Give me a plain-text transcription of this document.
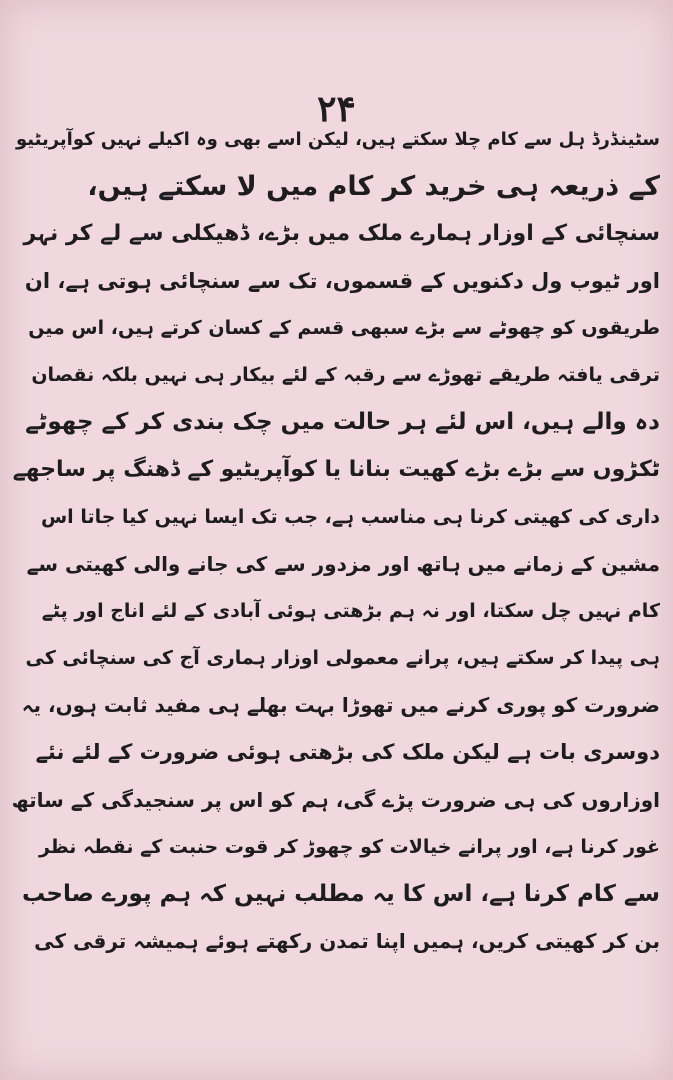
۲۴
سٹینڈرڈ ہل سے کام چلا سکتے ہیں، لیکن اسے بھی وہ اکیلے نہیں کوآپریٹیو
کے ذریعہ ہی خرید کر کام میں لا سکتے ہیں،
سنچائی کے اوزار ہمارے ملک میں بڑے، ڈھیکلی سے لے کر نہر
اور ٹیوب ول دکنویں کے قسموں، تک سے سنچائی ہوتی ہے، ان
طریقوں کو چھوٹے سے بڑے سبھی قسم کے کسان کرتے ہیں، اس میں
ترقی یافتہ طریقے تھوڑے سے رقبہ کے لئے بیکار ہی نہیں بلکہ نقصان
دہ والے ہیں، اس لئے ہر حالت میں چک بندی کر کے چھوٹے
ٹکڑوں سے بڑے بڑے کھیت بنانا یا کوآپریٹیو کے ڈھنگ پر ساجھے
داری کی کھیتی کرنا ہی مناسب ہے، جب تک ایسا نہیں کیا جاتا اس
مشین کے زمانے میں ہاتھ اور مزدور سے کی جانے والی کھیتی سے
کام نہیں چل سکتا، اور نہ ہم بڑھتی ہوئی آبادی کے لئے اناج اور پٹے
ہی پیدا کر سکتے ہیں، پرانے معمولی اوزار ہماری آج کی سنچائی کی
ضرورت کو پوری کرنے میں تھوڑا بہت بھلے ہی مفید ثابت ہوں، یہ
دوسری بات ہے لیکن ملک کی بڑھتی ہوئی ضرورت کے لئے نئے
اوزاروں کی ہی ضرورت پڑے گی، ہم کو اس پر سنجیدگی کے ساتھ
غور کرنا ہے، اور پرانے خیالات کو چھوڑ کر قوت حنبت کے نقطہ نظر
سے کام کرنا ہے، اس کا یہ مطلب نہیں کہ ہم پورے صاحب
بن کر کھیتی کریں، ہمیں اپنا تمدن رکھتے ہوئے ہمیشہ ترقی کی
